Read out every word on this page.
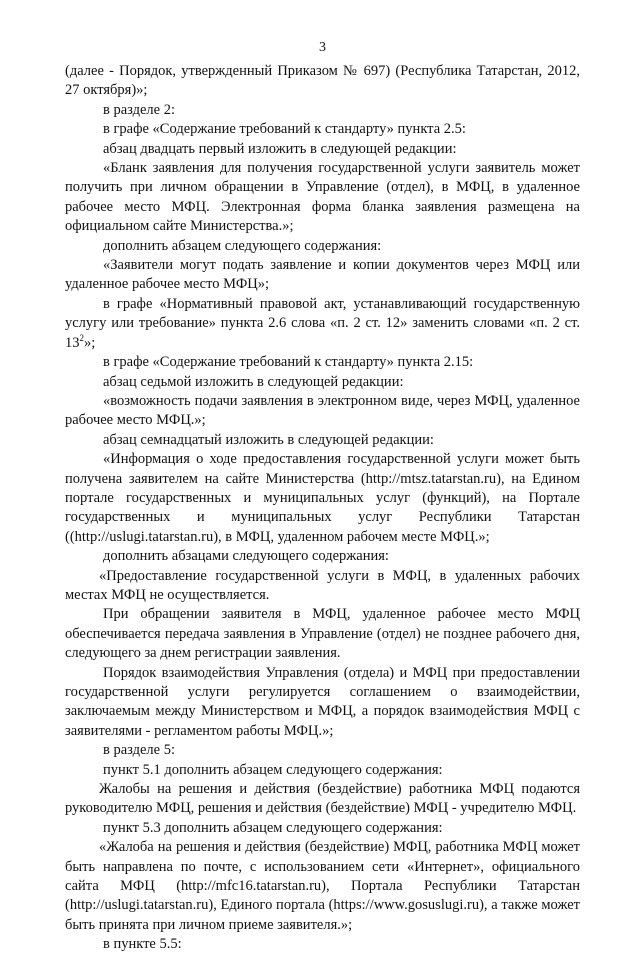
3

(далее - Порядок, утвержденный Приказом № 697) (Республика Татарстан, 2012, 27 октября)»;

в разделе 2:

в графе «Содержание требований к стандарту» пункта 2.5:

абзац двадцать первый изложить в следующей редакции:

«Бланк заявления для получения государственной услуги заявитель может получить при личном обращении в Управление (отдел), в МФЦ, в удаленное рабочее место МФЦ. Электронная форма бланка заявления размещена на официальном сайте Министерства.»;

дополнить абзацем следующего содержания:

«Заявители могут подать заявление и копии документов через МФЦ или удаленное рабочее место МФЦ»;

в графе «Нормативный правовой акт, устанавливающий государственную услугу или требование» пункта 2.6 слова «п. 2 ст. 12» заменить словами «п. 2 ст. $13^2$»;

в графе «Содержание требований к стандарту» пункта 2.15:

абзац седьмой изложить в следующей редакции:

«возможность подачи заявления в электронном виде, через МФЦ, удаленное рабочее место МФЦ.»;

абзац семнадцатый изложить в следующей редакции:

«Информация о ходе предоставления государственной услуги может быть получена заявителем на сайте Министерства (http://mtsz.tatarstan.ru), на Едином портале государственных и муниципальных услуг (функций), на Портале государственных и муниципальных услуг Республики Татарстан ((http://uslugi.tatarstan.ru), в МФЦ, удаленном рабочем месте МФЦ.»;

дополнить абзацами следующего содержания:

«Предоставление государственной услуги в МФЦ, в удаленных рабочих местах МФЦ не осуществляется.

При обращении заявителя в МФЦ, удаленное рабочее место МФЦ обеспечивается передача заявления в Управление (отдел) не позднее рабочего дня, следующего за днем регистрации заявления.

Порядок взаимодействия Управления (отдела) и МФЦ при предоставлении государственной услуги регулируется соглашением о взаимодействии, заключаемым между Министерством и МФЦ, а порядок взаимодействия МФЦ с заявителями - регламентом работы МФЦ.»;

в разделе 5:

пункт 5.1 дополнить абзацем следующего содержания:

Жалобы на решения и действия (бездействие) работника МФЦ подаются руководителю МФЦ, решения и действия (бездействие) МФЦ - учредителю МФЦ.

пункт 5.3 дополнить абзацем следующего содержания:

«Жалоба на решения и действия (бездействие) МФЦ, работника МФЦ может быть направлена по почте, с использованием сети «Интернет», официального сайта МФЦ (http://mfc16.tatarstan.ru), Портала Республики Татарстан (http://uslugi.tatarstan.ru), Единого портала (https://www.gosuslugi.ru), а также может быть принята при личном приеме заявителя.»;

в пункте 5.5:
